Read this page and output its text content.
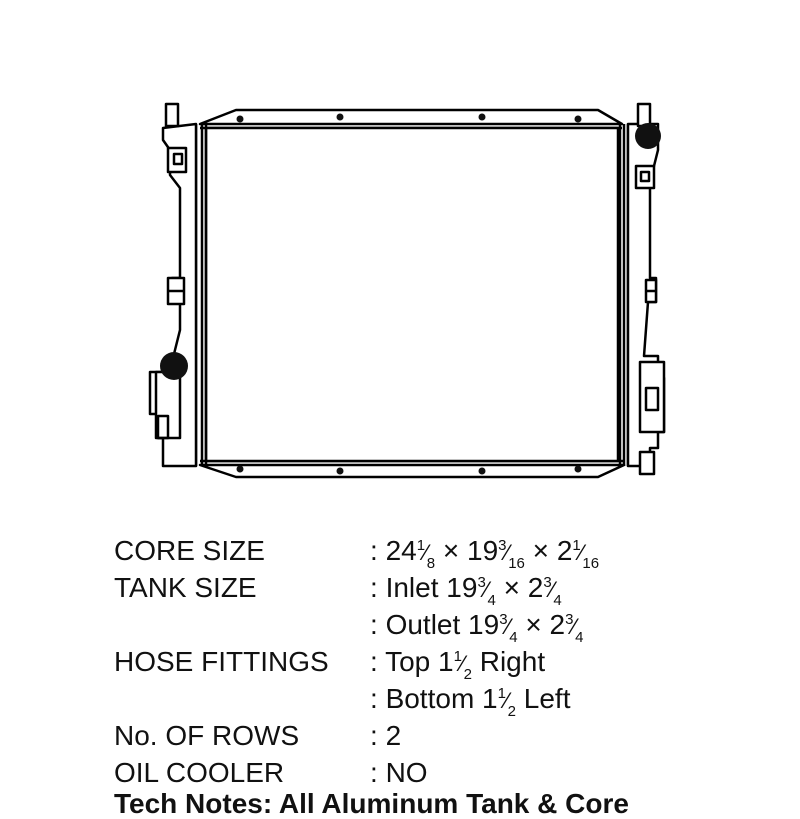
CORE SIZE	: $24^1⁄_8$ × $19^3⁄_{16}$ × $2^1⁄_{16}$
TANK SIZE	: Inlet $19^3⁄_4$ × $2^3⁄_4$
: Outlet $19^3⁄_4$ × $2^3⁄_4$
HOSE FITTINGS : Top $1^1⁄_2$ Right
: Bottom $1^1⁄_2$ Left
No. OF ROWS	: 2
OIL COOLER	: NO
Tech Notes: All Aluminum Tank & Core
